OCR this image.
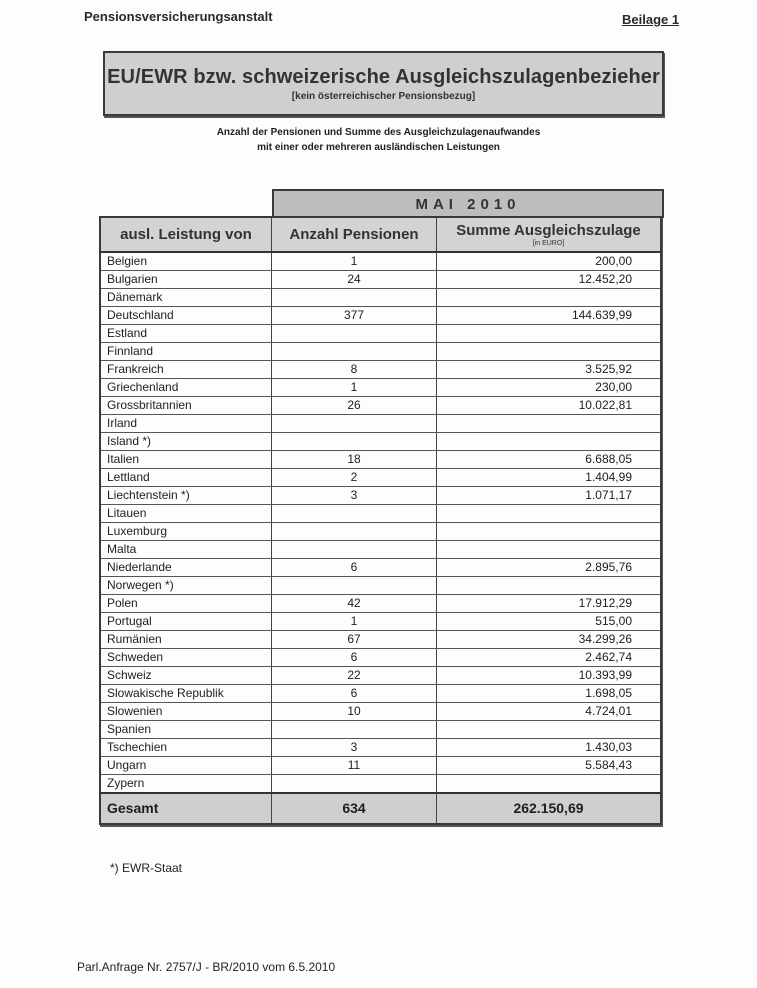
Pensionsversicherungsanstalt	Beilage 1
EU/EWR bzw. schweizerische Ausgleichszulagenbezieher
[kein österreichischer Pensionsbezug]
Anzahl der Pensionen und Summe des Ausgleichzulagenaufwandes
mit einer oder mehreren ausländischen Leistungen
MAI 2010
ausl. Leistung von	Anzahl Pensionen	Summe Ausgleichszulage
[in EURO]

Belgien	1	200,00
Bulgarien	24	12.452,20
Dänemark		
Deutschland	377	144.639,99
Estland		
Finnland		
Frankreich	8	3.525,92
Griechenland	1	230,00
Grossbritannien	26	10.022,81
Irland		
Island *)		
Italien	18	6.688,05
Lettland	2	1.404,99
Liechtenstein *)	3	1.071,17
Litauen		
Luxemburg		
Malta		
Niederlande	6	2.895,76
Norwegen *)		
Polen	42	17.912,29
Portugal	1	515,00
Rumänien	67	34.299,26
Schweden	6	2.462,74
Schweiz	22	10.393,99
Slowakische Republik	6	1.698,05
Slowenien	10	4.724,01
Spanien		
Tschechien	3	1.430,03
Ungarn	11	5.584,43
Zypern		
Gesamt	634	262.150,69
*) EWR-Staat
Parl.Anfrage Nr. 2757/J - BR/2010 vom 6.5.2010
